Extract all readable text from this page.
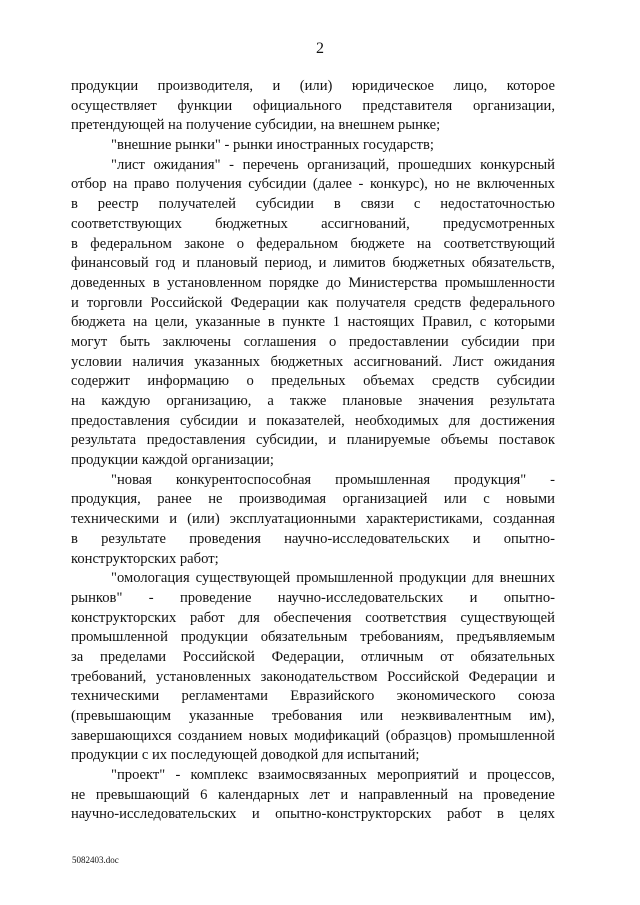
2
продукции производителя, и (или) юридическое лицо, которое
осуществляет функции официального представителя организации,
претендующей на получение субсидии, на внешнем рынке;
"внешние рынки" - рынки иностранных государств;
"лист ожидания" - перечень организаций, прошедших конкурсный
отбор на право получения субсидии (далее - конкурс), но не включенных
в реестр получателей субсидии в связи с недостаточностью
соответствующих бюджетных ассигнований, предусмотренных
в федеральном законе о федеральном бюджете на соответствующий
финансовый год и плановый период, и лимитов бюджетных обязательств,
доведенных в установленном порядке до Министерства промышленности
и торговли Российской Федерации как получателя средств федерального
бюджета на цели, указанные в пункте 1 настоящих Правил, с которыми
могут быть заключены соглашения о предоставлении субсидии при
условии наличия указанных бюджетных ассигнований. Лист ожидания
содержит информацию о предельных объемах средств субсидии
на каждую организацию, а также плановые значения результата
предоставления субсидии и показателей, необходимых для достижения
результата предоставления субсидии, и планируемые объемы поставок
продукции каждой организации;
"новая конкурентоспособная промышленная продукция" -
продукция, ранее не производимая организацией или с новыми
техническими и (или) эксплуатационными характеристиками, созданная
в результате проведения научно-исследовательских и опытно-
конструкторских работ;
"омологация существующей промышленной продукции для внешних
рынков" - проведение научно-исследовательских и опытно-
конструкторских работ для обеспечения соответствия существующей
промышленной продукции обязательным требованиям, предъявляемым
за пределами Российской Федерации, отличным от обязательных
требований, установленных законодательством Российской Федерации и
техническими регламентами Евразийского экономического союза
(превышающим указанные требования или неэквивалентным им),
завершающихся созданием новых модификаций (образцов) промышленной
продукции с их последующей доводкой для испытаний;
"проект" - комплекс взаимосвязанных мероприятий и процессов,
не превышающий 6 календарных лет и направленный на проведение
научно-исследовательских и опытно-конструкторских работ в целях
5082403.doc
